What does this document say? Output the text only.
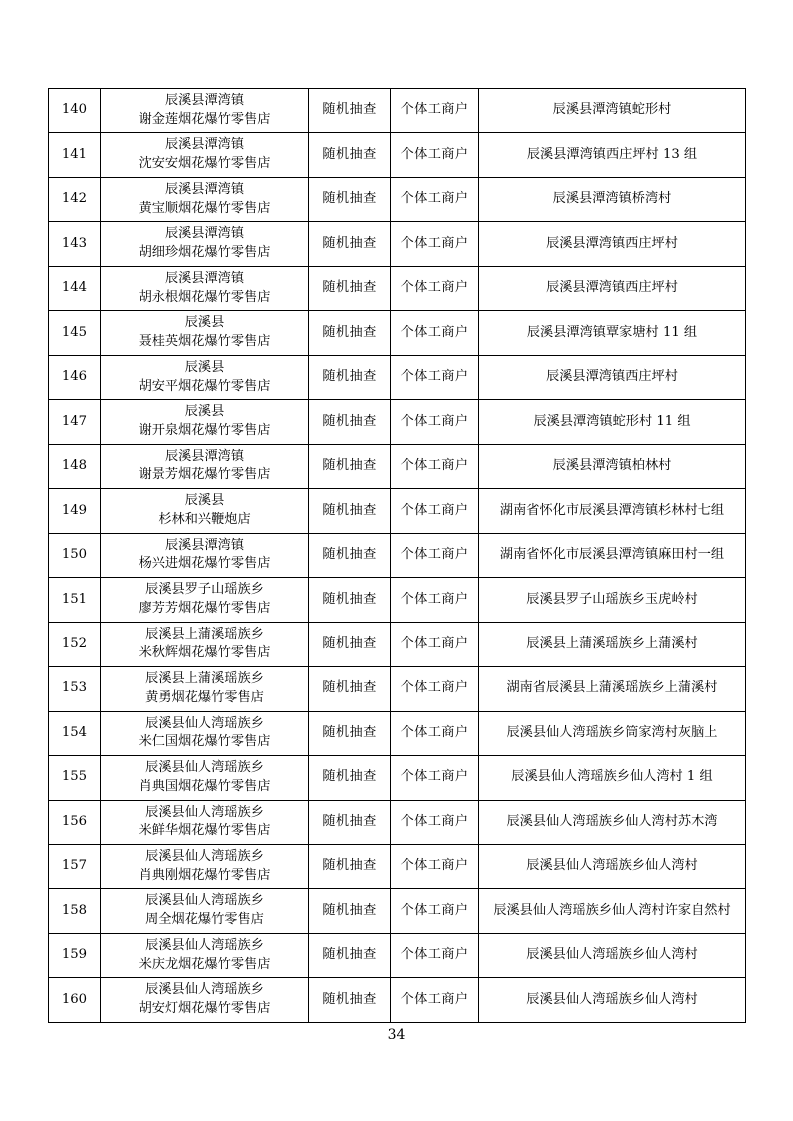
140	辰溪县潭湾镇
谢金莲烟花爆竹零售店	随机抽查	个体工商户	辰溪县潭湾镇蛇形村
141	辰溪县潭湾镇
沈安安烟花爆竹零售店	随机抽查	个体工商户	辰溪县潭湾镇西庄坪村 13 组
142	辰溪县潭湾镇
黄宝顺烟花爆竹零售店	随机抽查	个体工商户	辰溪县潭湾镇桥湾村
143	辰溪县潭湾镇
胡细珍烟花爆竹零售店	随机抽查	个体工商户	辰溪县潭湾镇西庄坪村
144	辰溪县潭湾镇
胡永根烟花爆竹零售店	随机抽查	个体工商户	辰溪县潭湾镇西庄坪村
145	辰溪县
聂桂英烟花爆竹零售店	随机抽查	个体工商户	辰溪县潭湾镇覃家塘村 11 组
146	辰溪县
胡安平烟花爆竹零售店	随机抽查	个体工商户	辰溪县潭湾镇西庄坪村
147	辰溪县
谢开泉烟花爆竹零售店	随机抽查	个体工商户	辰溪县潭湾镇蛇形村 11 组
148	辰溪县潭湾镇
谢景芳烟花爆竹零售店	随机抽查	个体工商户	辰溪县潭湾镇柏林村
149	辰溪县
杉林和兴鞭炮店	随机抽查	个体工商户	湖南省怀化市辰溪县潭湾镇杉林村七组
150	辰溪县潭湾镇
杨兴进烟花爆竹零售店	随机抽查	个体工商户	湖南省怀化市辰溪县潭湾镇麻田村一组
151	辰溪县罗子山瑶族乡
廖芳芳烟花爆竹零售店	随机抽查	个体工商户	辰溪县罗子山瑶族乡玉虎岭村
152	辰溪县上蒲溪瑶族乡
米秋辉烟花爆竹零售店	随机抽查	个体工商户	辰溪县上蒲溪瑶族乡上蒲溪村
153	辰溪县上蒲溪瑶族乡
黄勇烟花爆竹零售店	随机抽查	个体工商户	湖南省辰溪县上蒲溪瑶族乡上蒲溪村
154	辰溪县仙人湾瑶族乡
米仁国烟花爆竹零售店	随机抽查	个体工商户	辰溪县仙人湾瑶族乡筒家湾村灰脑上
155	辰溪县仙人湾瑶族乡
肖典国烟花爆竹零售店	随机抽查	个体工商户	辰溪县仙人湾瑶族乡仙人湾村 1 组
156	辰溪县仙人湾瑶族乡
米鲜华烟花爆竹零售店	随机抽查	个体工商户	辰溪县仙人湾瑶族乡仙人湾村苏木湾
157	辰溪县仙人湾瑶族乡
肖典刚烟花爆竹零售店	随机抽查	个体工商户	辰溪县仙人湾瑶族乡仙人湾村
158	辰溪县仙人湾瑶族乡
周全烟花爆竹零售店	随机抽查	个体工商户	辰溪县仙人湾瑶族乡仙人湾村许家自然村
159	辰溪县仙人湾瑶族乡
米庆龙烟花爆竹零售店	随机抽查	个体工商户	辰溪县仙人湾瑶族乡仙人湾村
160	辰溪县仙人湾瑶族乡
胡安灯烟花爆竹零售店	随机抽查	个体工商户	辰溪县仙人湾瑶族乡仙人湾村
34
